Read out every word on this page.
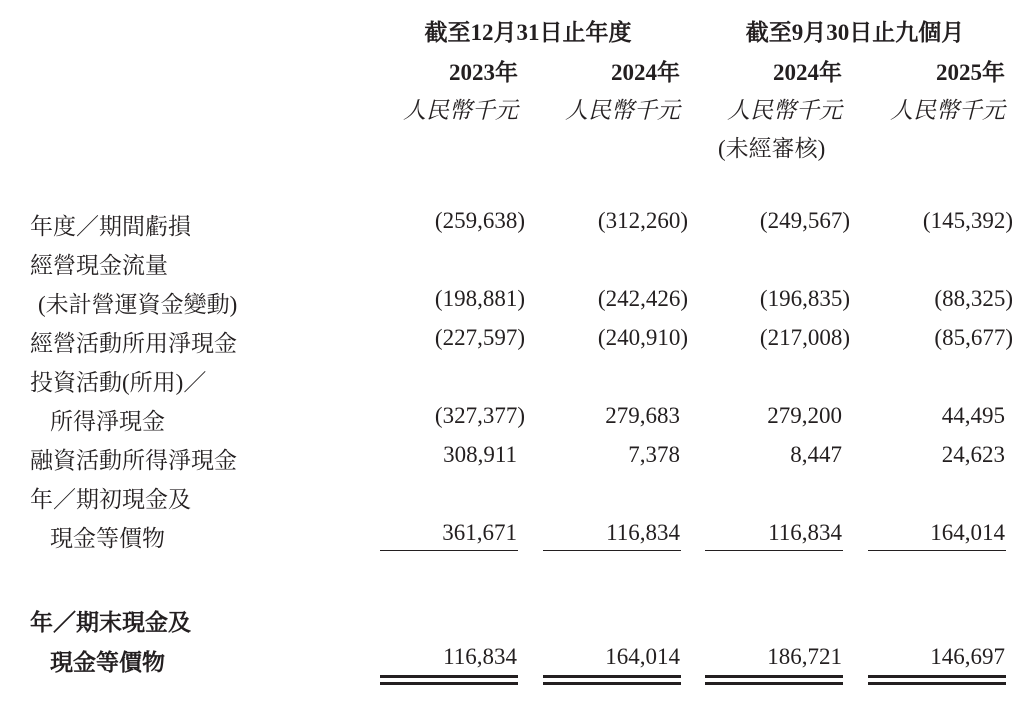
截至12月31日止年度	截至9月30日止九個月
2023年	2024年	2024年	2025年
人民幣千元	人民幣千元	人民幣千元	人民幣千元
(未經審核)
年度／期間虧損	(259,638)	(312,260)	(249,567)	(145,392)
經營現金流量
(未計營運資金變動)	(198,881)	(242,426)	(196,835)	(88,325)
經營活動所用淨現金	(227,597)	(240,910)	(217,008)	(85,677)
投資活動(所用)／
所得淨現金	(327,377)	279,683	279,200	44,495
融資活動所得淨現金	308,911	7,378	8,447	24,623
年／期初現金及
現金等價物	361,671	116,834	116,834	164,014
年／期末現金及
現金等價物	116,834	164,014	186,721	146,697
